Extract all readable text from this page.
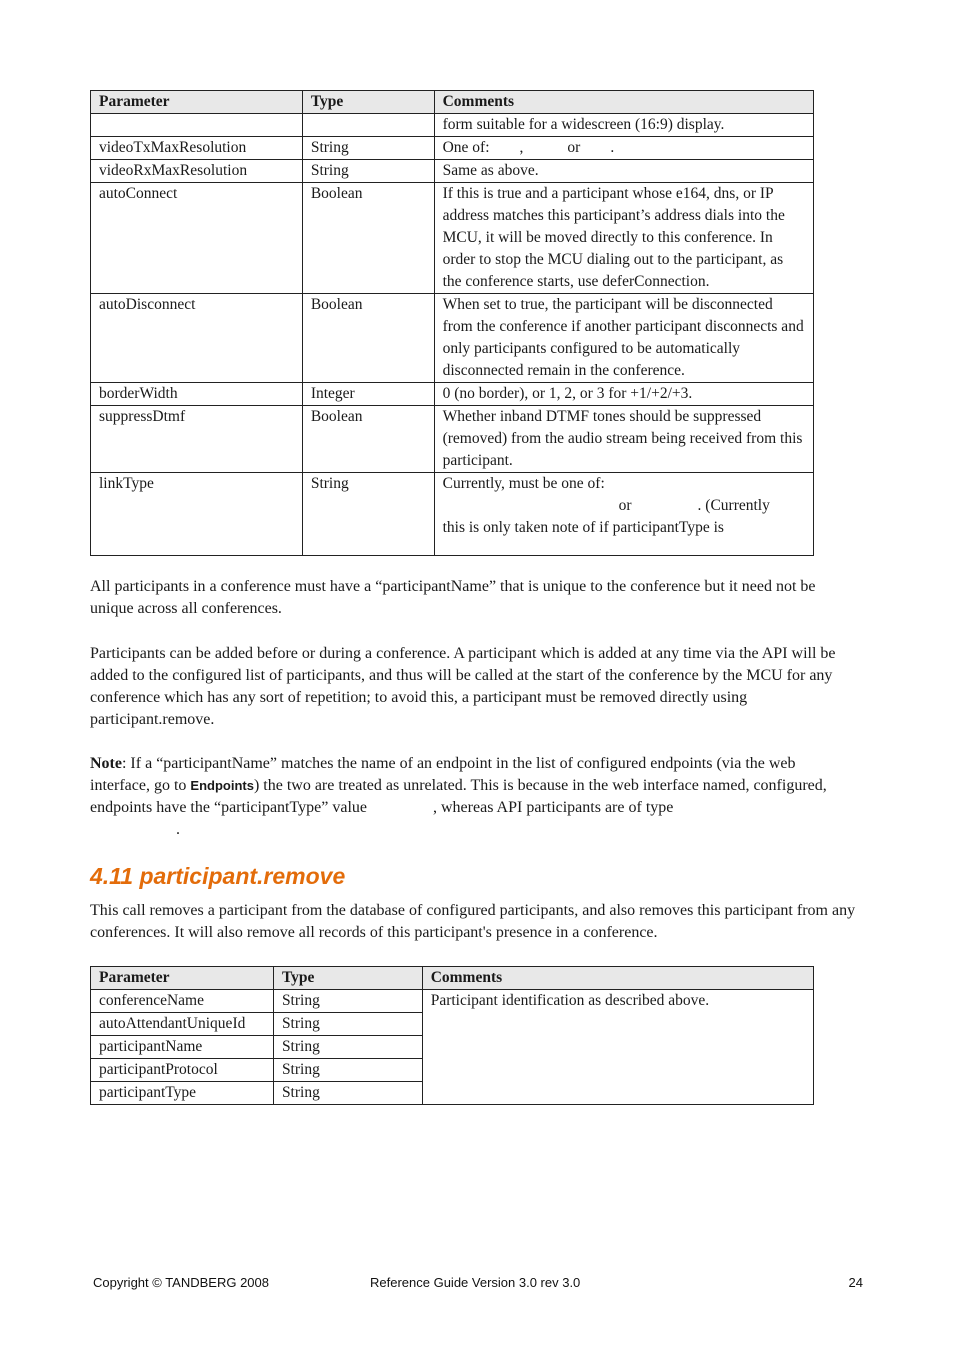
Parameter	Type	Comments
		form suitable for a widescreen (16:9) display.
videoTxMaxResolution	String	One of: , or .
videoRxMaxResolution	String	Same as above.
autoConnect	Boolean	If this is true and a participant whose e164, dns, or IP address matches this participant’s address dials into the MCU, it will be moved directly to this conference. In order to stop the MCU dialing out to the participant, as the conference starts, use deferConnection.
autoDisconnect	Boolean	When set to true, the participant will be disconnected from the conference if another participant disconnects and only participants configured to be automatically disconnected remain in the conference.
borderWidth	Integer	0 (no border), or 1, 2, or 3 for +1/+2/+3.
suppressDtmf	Boolean	Whether inband DTMF tones should be suppressed (removed) from the audio stream being received from this participant.
linkType	String	Currently, must be one of:
or . (Currently
this is only taken note of if participantType is

All participants in a conference must have a “participantName” that is unique to the conference but it need not be unique across all conferences.

Participants can be added before or during a conference. A participant which is added at any time via the API will be added to the configured list of participants, and thus will be called at the start of the conference by the MCU for any conference which has any sort of repetition; to avoid this, a participant must be removed directly using participant.remove.

Note: If a “participantName” matches the name of an endpoint in the list of configured endpoints (via the web interface, go to Endpoints) the two are treated as unrelated. This is because in the web interface named, configured, endpoints have the “participantType” value	, whereas API participants are of type
.

4.11 participant.remove

This call removes a participant from the database of configured participants, and also removes this participant from any conferences. It will also remove all records of this participant's presence in a conference.

Parameter	Type	Comments
conferenceName	String	Participant identification as described above.
autoAttendantUniqueId	String	
participantName	String	
participantProtocol	String	
participantType	String	
Copyright © TANDBERG 2008	Reference Guide Version 3.0 rev 3.0	24
